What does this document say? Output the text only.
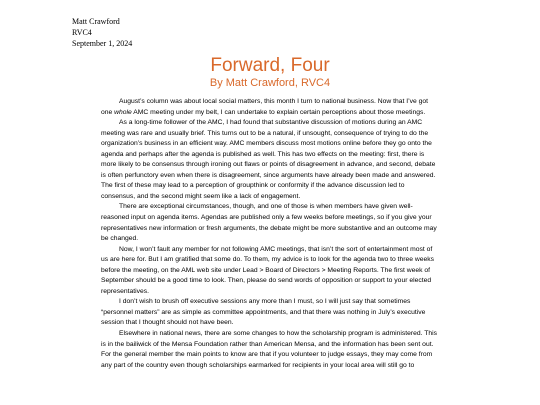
Matt Crawford
RVC4
September 1, 2024
Forward, Four
By Matt Crawford, RVC4

August’s column was about local social matters, this month I turn to national business. Now that I’ve got one whole AMC meeting under my belt, I can undertake to explain certain perceptions about those meetings.

As a long-time follower of the AMC, I had found that substantive discussion of motions during an AMC meeting was rare and usually brief. This turns out to be a natural, if unsought, consequence of trying to do the organization’s business in an efficient way. AMC members discuss most motions online before they go onto the agenda and perhaps after the agenda is published as well. This has two effects on the meeting: first, there is more likely to be consensus through ironing out flaws or points of disagreement in advance, and second, debate is often perfunctory even when there is disagreement, since arguments have already been made and answered. The first of these may lead to a perception of groupthink or conformity if the advance discussion led to consensus, and the second might seem like a lack of engagement.

There are exceptional circumstances, though, and one of those is when members have given well-reasoned input on agenda items. Agendas are published only a few weeks before meetings, so if you give your representatives new information or fresh arguments, the debate might be more substantive and an outcome may be changed.

Now, I won’t fault any member for not following AMC meetings, that isn’t the sort of entertainment most of us are here for. But I am gratified that some do. To them, my advice is to look for the agenda two to three weeks before the meeting, on the AML web site under Lead > Board of Directors > Meeting Reports. The first week of September should be a good time to look. Then, please do send words of opposition or support to your elected representatives.

I don’t wish to brush off executive sessions any more than I must, so I will just say that sometimes “personnel matters” are as simple as committee appointments, and that there was nothing in July’s executive session that I thought should not have been.

Elsewhere in national news, there are some changes to how the scholarship program is administered. This is in the bailiwick of the Mensa Foundation rather than American Mensa, and the information has been sent out. For the general member the main points to know are that if you volunteer to judge essays, they may come from any part of the country even though scholarships earmarked for recipients in your local area will still go to
